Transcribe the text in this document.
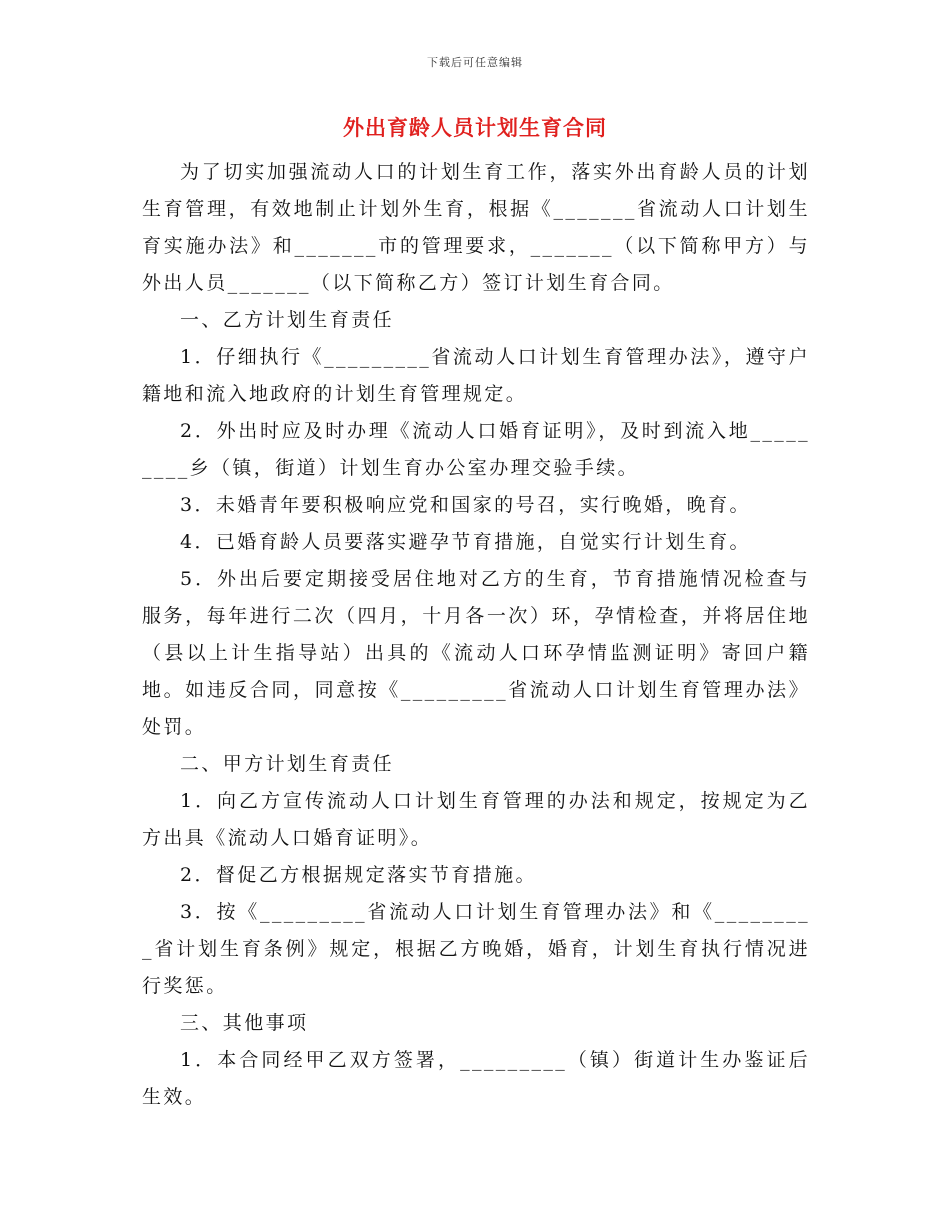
下载后可任意编辑
外出育龄人员计划生育合同

为了切实加强流动人口的计划生育工作，落实外出育龄人员的计划生育管理，有效地制止计划外生育，根据《_______省流动人口计划生育实施办法》和_______市的管理要求，_______（以下简称甲方）与外出人员_______（以下简称乙方）签订计划生育合同。

一、乙方计划生育责任

1．仔细执行《_________省流动人口计划生育管理办法》，遵守户籍地和流入地政府的计划生育管理规定。

2．外出时应及时办理《流动人口婚育证明》，及时到流入地_________乡（镇，街道）计划生育办公室办理交验手续。

3．未婚青年要积极响应党和国家的号召，实行晚婚，晚育。

4．已婚育龄人员要落实避孕节育措施，自觉实行计划生育。

5．外出后要定期接受居住地对乙方的生育，节育措施情况检查与服务，每年进行二次（四月，十月各一次）环，孕情检查，并将居住地（县以上计生指导站）出具的《流动人口环孕情监测证明》寄回户籍地。如违反合同，同意按《_________省流动人口计划生育管理办法》处罚。

二、甲方计划生育责任

1．向乙方宣传流动人口计划生育管理的办法和规定，按规定为乙方出具《流动人口婚育证明》。

2．督促乙方根据规定落实节育措施。

3．按《_________省流动人口计划生育管理办法》和《_________省计划生育条例》规定，根据乙方晚婚，婚育，计划生育执行情况进行奖惩。

三、其他事项

1．本合同经甲乙双方签署，_________（镇）街道计生办鉴证后生效。
